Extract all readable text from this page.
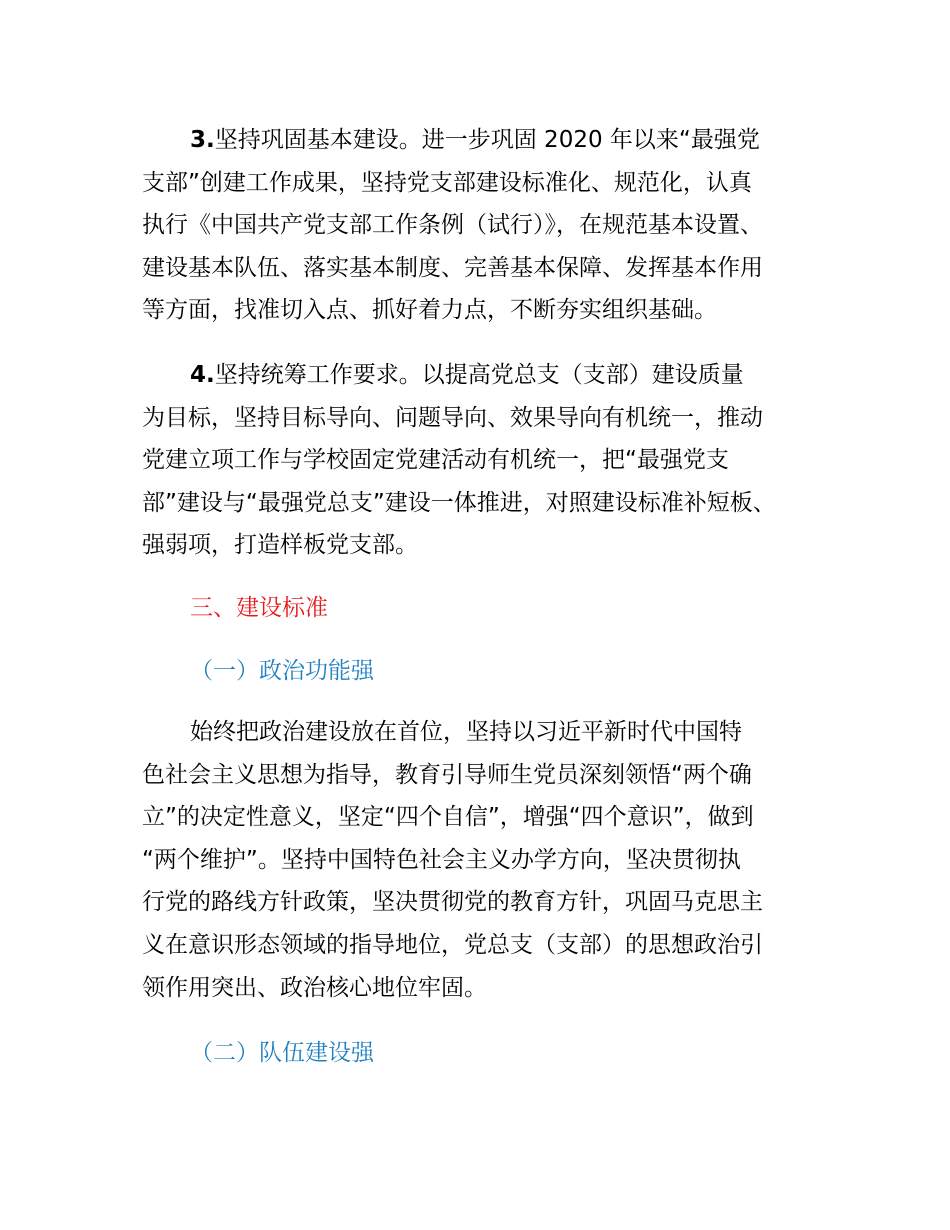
3.坚持巩固基本建设。进一步巩固 2020 年以来“最强党
支部”创建工作成果，坚持党支部建设标准化、规范化，认真
执行《中国共产党支部工作条例（试行）》，在规范基本设置、
建设基本队伍、落实基本制度、完善基本保障、发挥基本作用
等方面，找准切入点、抓好着力点，不断夯实组织基础。
4.坚持统筹工作要求。以提高党总支（支部）建设质量
为目标，坚持目标导向、问题导向、效果导向有机统一，推动
党建立项工作与学校固定党建活动有机统一，把“最强党支
部”建设与“最强党总支”建设一体推进，对照建设标准补短板、
强弱项，打造样板党支部。
三、建设标准
（一）政治功能强
始终把政治建设放在首位，坚持以习近平新时代中国特
色社会主义思想为指导，教育引导师生党员深刻领悟“两个确
立”的决定性意义，坚定“四个自信”，增强“四个意识”，做到
“两个维护”。坚持中国特色社会主义办学方向，坚决贯彻执
行党的路线方针政策，坚决贯彻党的教育方针，巩固马克思主
义在意识形态领域的指导地位，党总支（支部）的思想政治引
领作用突出、政治核心地位牢固。
（二）队伍建设强
